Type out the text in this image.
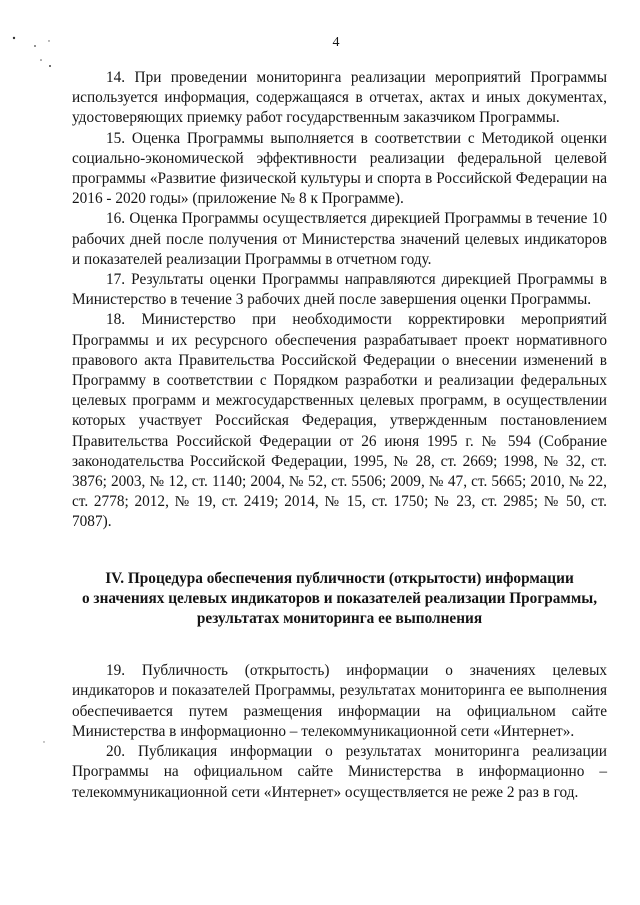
4

14. При проведении мониторинга реализации мероприятий Программы используется информация, содержащаяся в отчетах, актах и иных документах, удостоверяющих приемку работ государственным заказчиком Программы.

15. Оценка Программы выполняется в соответствии с Методикой оценки социально-экономической эффективности реализации федеральной целевой программы «Развитие физической культуры и спорта в Российской Федерации на 2016 - 2020 годы» (приложение № 8 к Программе).

16. Оценка Программы осуществляется дирекцией Программы в течение 10 рабочих дней после получения от Министерства значений целевых индикаторов и показателей реализации Программы в отчетном году.

17. Результаты оценки Программы направляются дирекцией Программы в Министерство в течение 3 рабочих дней после завершения оценки Программы.

18. Министерство при необходимости корректировки мероприятий Программы и их ресурсного обеспечения разрабатывает проект нормативного правового акта Правительства Российской Федерации о внесении изменений в Программу в соответствии с Порядком разработки и реализации федеральных целевых программ и межгосударственных целевых программ, в осуществлении которых участвует Российская Федерация, утвержденным постановлением Правительства Российской Федерации от 26 июня 1995 г. № 594 (Собрание законодательства Российской Федерации, 1995, № 28, ст. 2669; 1998, № 32, ст. 3876; 2003, № 12, ст. 1140; 2004, № 52, ст. 5506; 2009, № 47, ст. 5665; 2010, № 22, ст. 2778; 2012, № 19, ст. 2419; 2014, № 15, ст. 1750; № 23, ст. 2985; № 50, ст. 7087).

IV. Процедура обеспечения публичности (открытости) информации
о значениях целевых индикаторов и показателей реализации Программы,
результатах мониторинга ее выполнения

19. Публичность (открытость) информации о значениях целевых индикаторов и показателей Программы, результатах мониторинга ее выполнения обеспечивается путем размещения информации на официальном сайте Министерства в информационно – телекоммуникационной сети «Интернет».

20. Публикация информации о результатах мониторинга реализации Программы на официальном сайте Министерства в информационно – телекоммуникационной сети «Интернет» осуществляется не реже 2 раз в год.
